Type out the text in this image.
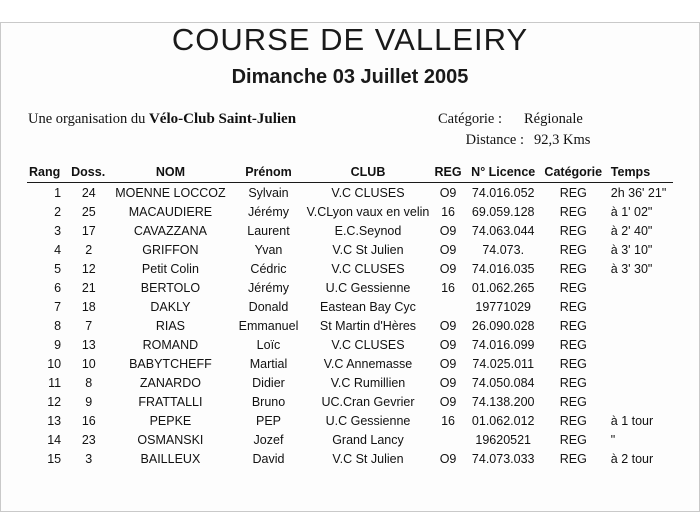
COURSE DE VALLEIRY
Dimanche 03 Juillet 2005
Une organisation du Vélo-Club Saint-Julien	Catégorie :	Régionale
Distance : 92,3 Kms
Rang	Doss.	NOM	Prénom	CLUB	REG	N° Licence	Catégorie	Temps
1	24	MOENNE LOCCOZ	Sylvain	V.C CLUSES	O9	74.016.052	REG	2h 36' 21"
2	25	MACAUDIERE	Jérémy	V.CLyon vaux en velin	16	69.059.128	REG	à 1' 02"
3	17	CAVAZZANA	Laurent	E.C.Seynod	O9	74.063.044	REG	à 2' 40"
4	2	GRIFFON	Yvan	V.C St Julien	O9	74.073.	REG	à 3' 10"
5	12	Petit Colin	Cédric	V.C CLUSES	O9	74.016.035	REG	à 3' 30"
6	21	BERTOLO	Jérémy	U.C Gessienne	16	01.062.265	REG	
7	18	DAKLY	Donald	Eastean Bay Cyc		19771029	REG	
8	7	RIAS	Emmanuel	St Martin d'Hères	O9	26.090.028	REG	
9	13	ROMAND	Loïc	V.C CLUSES	O9	74.016.099	REG	
10	10	BABYTCHEFF	Martial	V.C Annemasse	O9	74.025.011	REG	
11	8	ZANARDO	Didier	V.C Rumillien	O9	74.050.084	REG	
12	9	FRATTALLI	Bruno	UC.Cran Gevrier	O9	74.138.200	REG	
13	16	PEPKE	PEP	U.C Gessienne	16	01.062.012	REG	à 1 tour
14	23	OSMANSKI	Jozef	Grand Lancy		19620521	REG	"
15	3	BAILLEUX	David	V.C St Julien	O9	74.073.033	REG	à 2 tour
